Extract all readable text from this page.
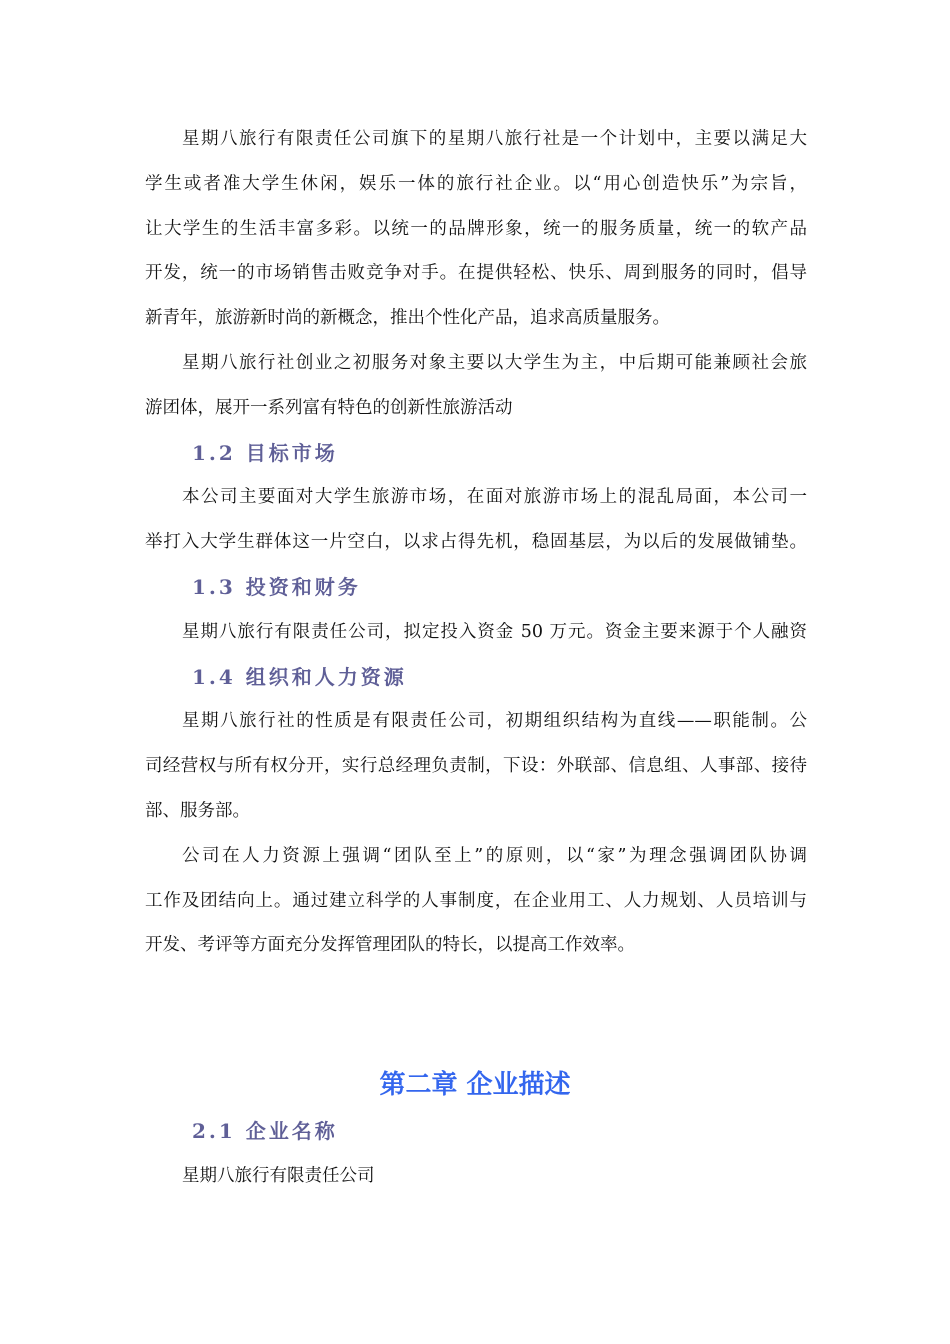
星期八旅行有限责任公司旗下的星期八旅行社是一个计划中，主要以满足大
学生或者准大学生休闲，娱乐一体的旅行社企业。以“用心创造快乐”为宗旨，
让大学生的生活丰富多彩。以统一的品牌形象，统一的服务质量，统一的软产品
开发，统一的市场销售击败竞争对手。在提供轻松、快乐、周到服务的同时，倡导
新青年，旅游新时尚的新概念，推出个性化产品，追求高质量服务。
星期八旅行社创业之初服务对象主要以大学生为主，中后期可能兼顾社会旅
游团体，展开一系列富有特色的创新性旅游活动
1.2 目标市场
本公司主要面对大学生旅游市场，在面对旅游市场上的混乱局面，本公司一
举打入大学生群体这一片空白，以求占得先机，稳固基层，为以后的发展做铺垫。
1.3 投资和财务
星期八旅行有限责任公司，拟定投入资金 50 万元。资金主要来源于个人融资
1.4 组织和人力资源
星期八旅行社的性质是有限责任公司，初期组织结构为直线——职能制。公
司经营权与所有权分开，实行总经理负责制，下设：外联部、信息组、人事部、接待
部、服务部。
公司在人力资源上强调“团队至上”的原则，以“家”为理念强调团队协调
工作及团结向上。通过建立科学的人事制度，在企业用工、人力规划、人员培训与
开发、考评等方面充分发挥管理团队的特长，以提高工作效率。
第二章 企业描述
2.1 企业名称
星期八旅行有限责任公司
